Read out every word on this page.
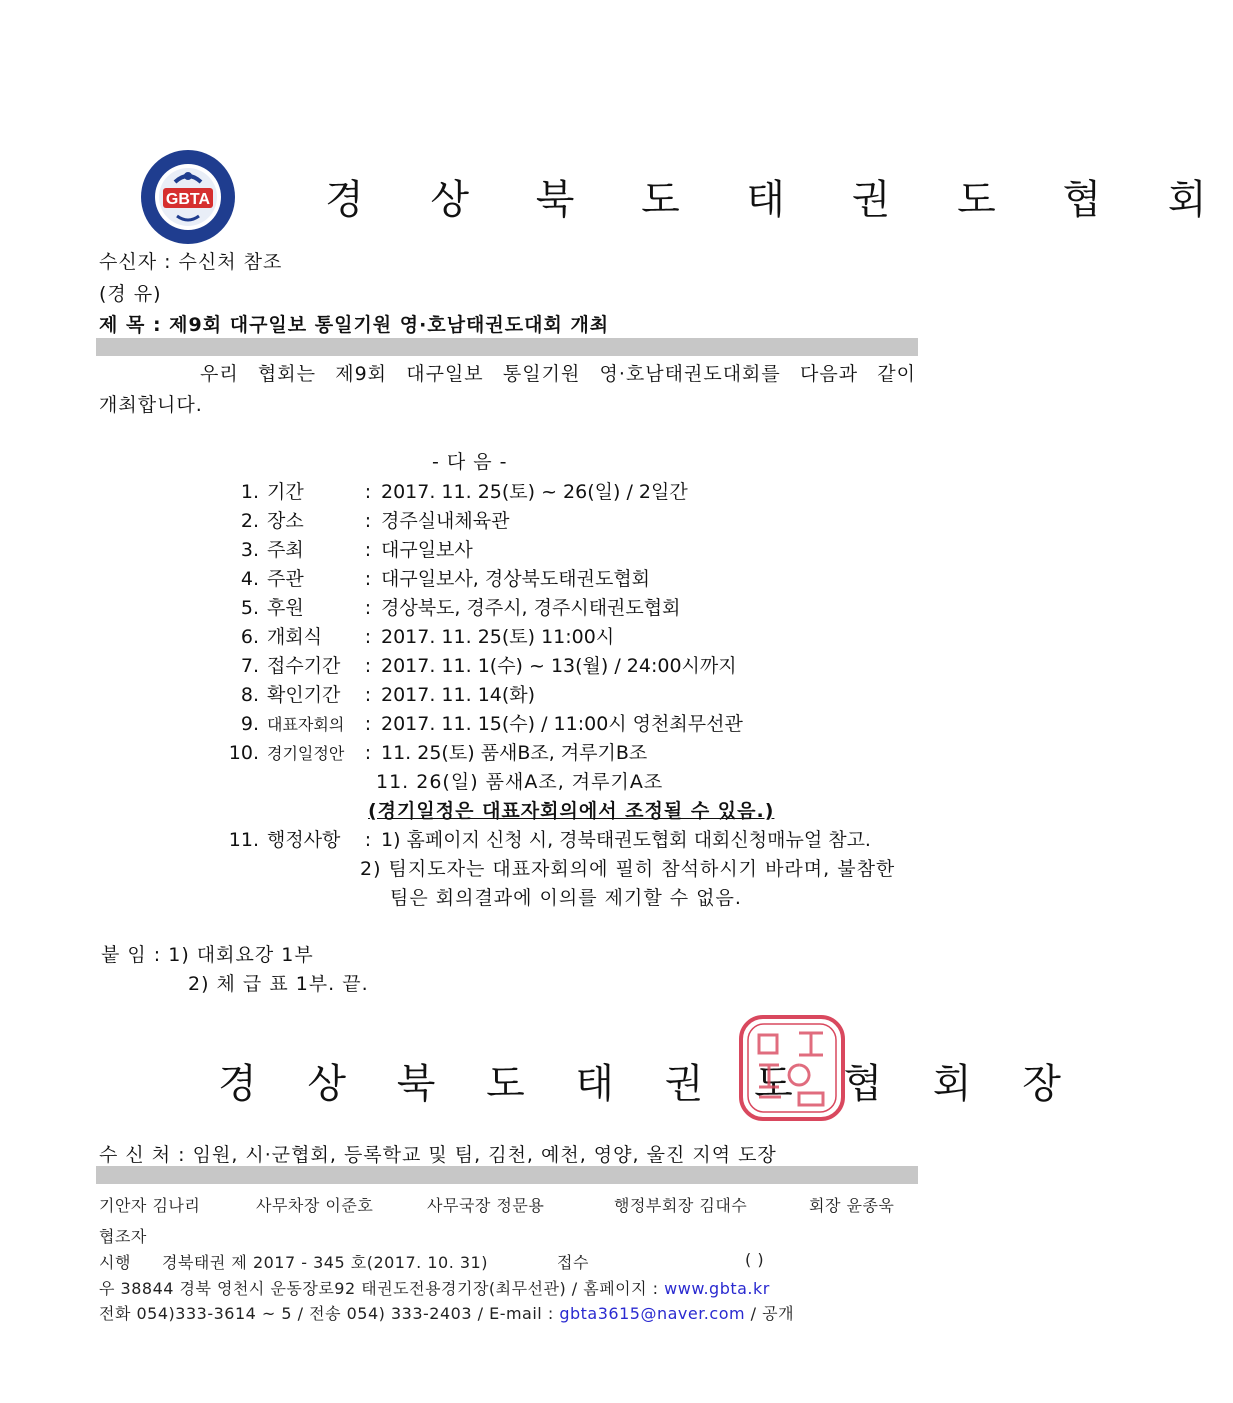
GBTA	경 상 북 도 태 권 도 협 회
수신자 : 수신처 참조
(경 유)
제 목 : 제9회 대구일보 통일기원 영·호남태권도대회 개최
우리 협회는 제9회 대구일보 통일기원 영·호남태권도대회를 다음과 같이
개최합니다.
- 다 음 -
1. 기간	: 2017. 11. 25(토) ~ 26(일) / 2일간
2. 장소	: 경주실내체육관
3. 주최	: 대구일보사
4. 주관	: 대구일보사, 경상북도태권도협회
5. 후원	: 경상북도, 경주시, 경주시태권도협회
6. 개회식 : 2017. 11. 25(토) 11:00시
7. 접수기간 : 2017. 11. 1(수) ~ 13(월) / 24:00시까지
8. 확인기간 : 2017. 11. 14(화)
9. 대표자회의 : 2017. 11. 15(수) / 11:00시 영천최무선관
10. 경기일정안 : 11. 25(토) 품새B조, 겨루기B조
11. 26(일) 품새A조, 겨루기A조
(경기일정은 대표자회의에서 조정될 수 있음.)
11. 행정사항 : 1) 홈페이지 신청 시, 경북태권도협회 대회신청매뉴얼 참고.
2) 팀지도자는 대표자회의에 필히 참석하시기 바라며, 불참한
팀은 회의결과에 이의를 제기할 수 없음.
붙 임 : 1) 대회요강 1부
2) 체 급 표 1부. 끝.
경 상 북 도 태 권 도 협 회 장
수 신 처 : 임원, 시·군협회, 등록학교 및 팀, 김천, 예천, 영양, 울진 지역 도장
기안자 김나리	사무차장 이준호	사무국장 정문용	행정부회장 김대수	회장 윤종욱
협조자
시행 경북태권 제 2017 - 345 호(2017. 10. 31)	접수	( )
우 38844 경북 영천시 운동장로92 태권도전용경기장(최무선관) / 홈페이지 : www.gbta.kr
전화 054)333-3614 ~ 5 / 전송 054) 333-2403 / E-mail : gbta3615@naver.com / 공개
